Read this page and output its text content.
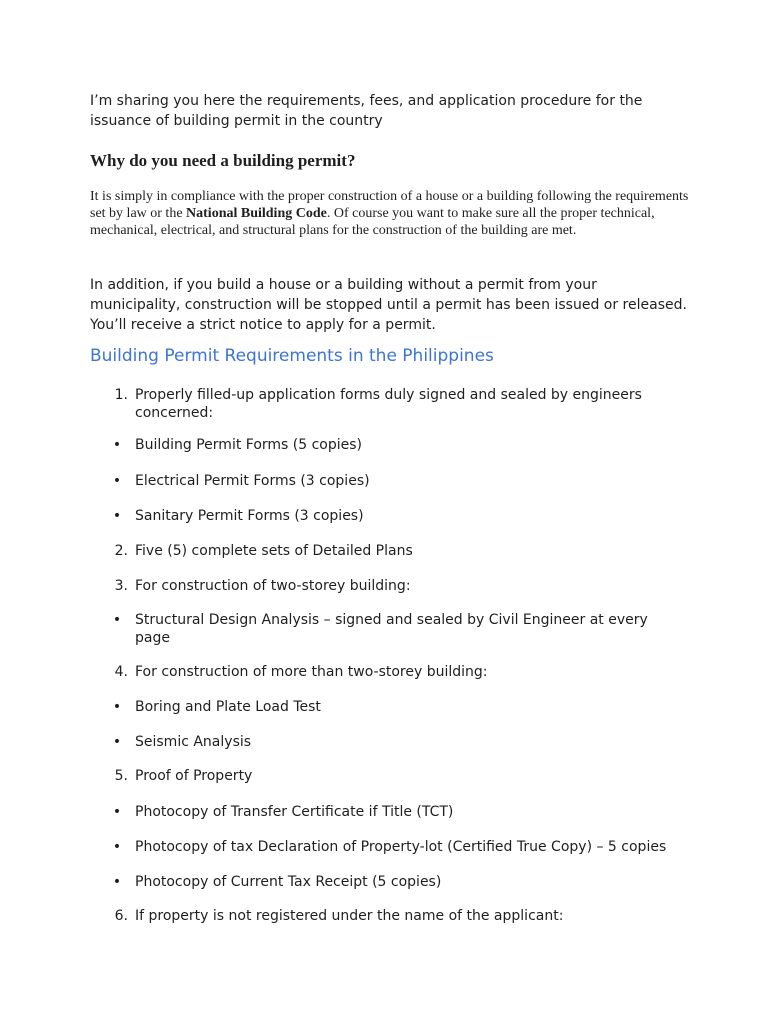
I’m sharing you here the requirements, fees, and application procedure for the issuance of building permit in the country
Why do you need a building permit?
It is simply in compliance with the proper construction of a house or a building following the requirements set by law or the National Building Code. Of course you want to make sure all the proper technical, mechanical, electrical, and structural plans for the construction of the building are met.
In addition, if you build a house or a building without a permit from your municipality, construction will be stopped until a permit has been issued or released. You’ll receive a strict notice to apply for a permit.
Building Permit Requirements in the Philippines
1. Properly filled-up application forms duly signed and sealed by engineers concerned:
• Building Permit Forms (5 copies)
• Electrical Permit Forms (3 copies)
• Sanitary Permit Forms (3 copies)
2. Five (5) complete sets of Detailed Plans
3. For construction of two-storey building:
• Structural Design Analysis – signed and sealed by Civil Engineer at every page
4. For construction of more than two-storey building:
• Boring and Plate Load Test
• Seismic Analysis
5. Proof of Property
• Photocopy of Transfer Certificate if Title (TCT)
• Photocopy of tax Declaration of Property-lot (Certified True Copy) – 5 copies
• Photocopy of Current Tax Receipt (5 copies)
6. If property is not registered under the name of the applicant:
